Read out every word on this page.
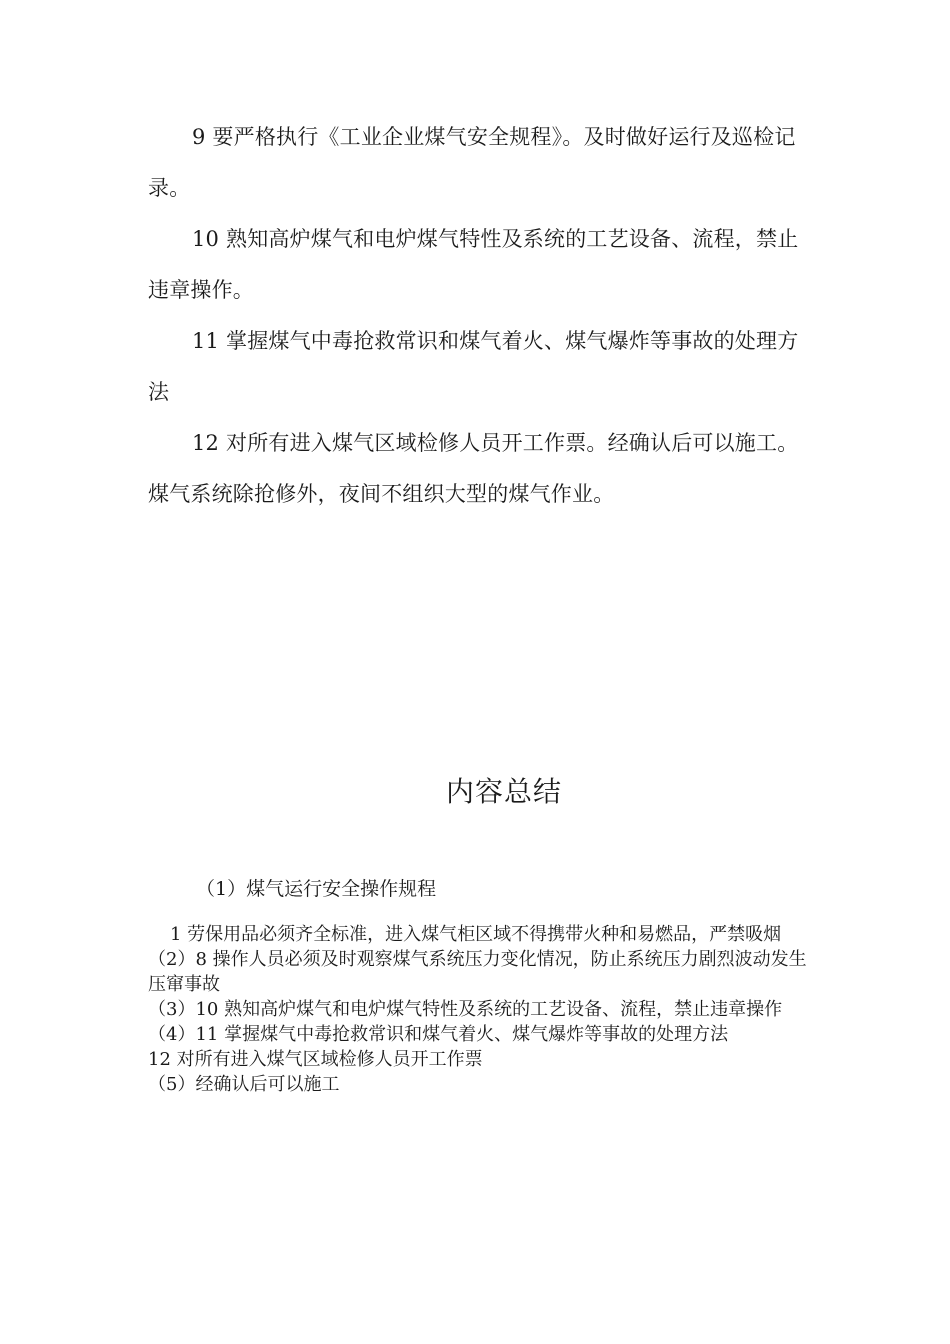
9 要严格执行《工业企业煤气安全规程》。及时做好运行及巡检记录。

10 熟知高炉煤气和电炉煤气特性及系统的工艺设备、流程，禁止违章操作。

11 掌握煤气中毒抢救常识和煤气着火、煤气爆炸等事故的处理方法

12 对所有进入煤气区域检修人员开工作票。经确认后可以施工。煤气系统除抢修外，夜间不组织大型的煤气作业。

内容总结

（1）煤气运行安全操作规程

1 劳保用品必须齐全标准，进入煤气柜区域不得携带火种和易燃品，严禁吸烟

（2）8 操作人员必须及时观察煤气系统压力变化情况，防止系统压力剧烈波动发生压窜事故

（3）10 熟知高炉煤气和电炉煤气特性及系统的工艺设备、流程，禁止违章操作

（4）11 掌握煤气中毒抢救常识和煤气着火、煤气爆炸等事故的处理方法

12 对所有进入煤气区域检修人员开工作票

（5）经确认后可以施工
